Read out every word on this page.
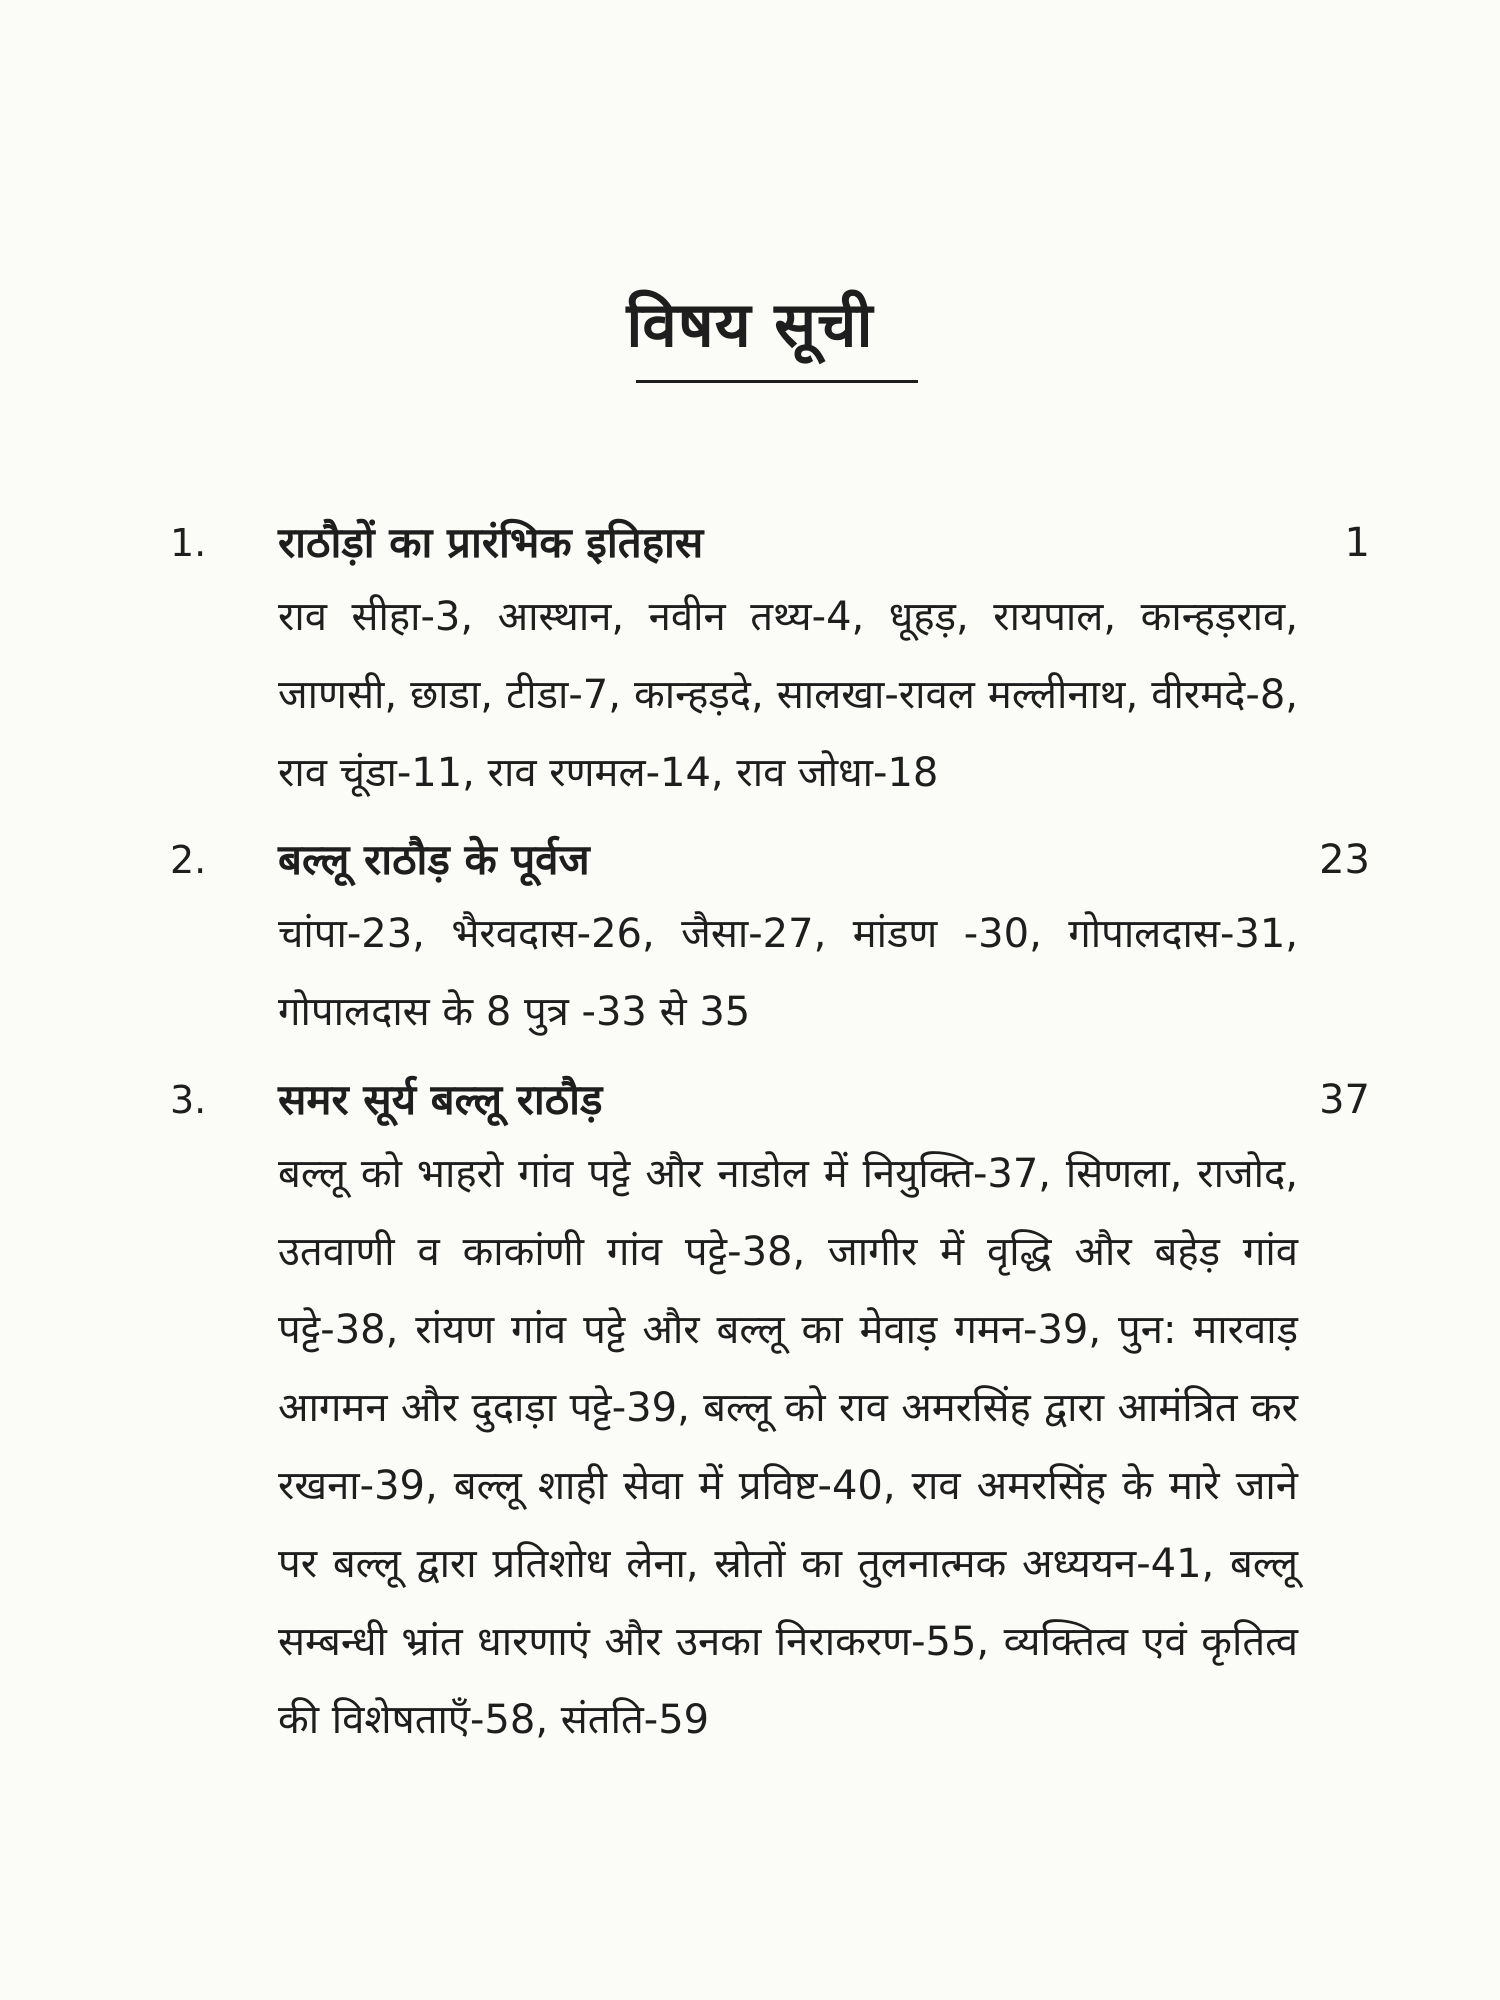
विषय सूची
1. राठौड़ों का प्रारंभिक इतिहास	1
राव सीहा-3, आस्थान, नवीन तथ्य-4, धूहड़, रायपाल, कान्हड़राव, जाणसी, छाडा, टीडा-7, कान्हड़दे, सालखा-रावल मल्लीनाथ, वीरमदे-8, राव चूंडा-11, राव रणमल-14, राव जोधा-18
2. बल्लू राठौड़ के पूर्वज	23
चांपा-23, भैरवदास-26, जैसा-27, मांडण -30, गोपालदास-31, गोपालदास के 8 पुत्र -33 से 35
3. समर सूर्य बल्लू राठौड़	37
बल्लू को भाहरो गांव पट्टे और नाडोल में नियुक्ति-37, सिणला, राजोद, उतवाणी व काकांणी गांव पट्टे-38, जागीर में वृद्धि और बहेड़ गांव पट्टे-38, रांयण गांव पट्टे और बल्लू का मेवाड़ गमन-39, पुन: मारवाड़ आगमन और दुदाड़ा पट्टे-39, बल्लू को राव अमरसिंह द्वारा आमंत्रित कर रखना-39, बल्लू शाही सेवा में प्रविष्ट-40, राव अमरसिंह के मारे जाने पर बल्लू द्वारा प्रतिशोध लेना, स्रोतों का तुलनात्मक अध्ययन-41, बल्लू सम्बन्धी भ्रांत धारणाएं और उनका निराकरण-55, व्यक्तित्व एवं कृतित्व की विशेषताएँ-58, संतति-59
